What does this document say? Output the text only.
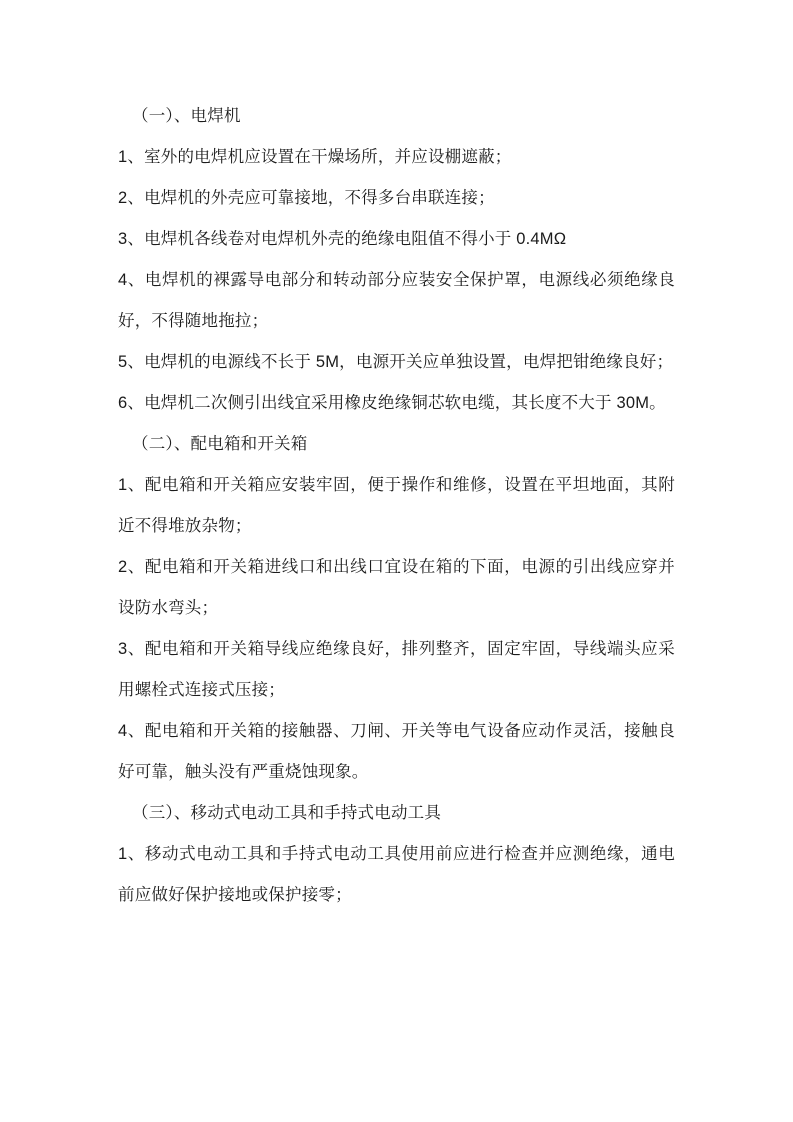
（一）、电焊机

1、室外的电焊机应设置在干燥场所，并应设棚遮蔽；

2、电焊机的外壳应可靠接地，不得多台串联连接；

3、电焊机各线卷对电焊机外壳的绝缘电阻值不得小于 0.4MΩ

4、电焊机的裸露导电部分和转动部分应装安全保护罩，电源线必须绝缘良好，不得随地拖拉；

5、电焊机的电源线不长于 5M，电源开关应单独设置，电焊把钳绝缘良好；

6、电焊机二次侧引出线宜采用橡皮绝缘铜芯软电缆，其长度不大于 30M。

（二）、配电箱和开关箱

1、配电箱和开关箱应安装牢固，便于操作和维修，设置在平坦地面，其附近不得堆放杂物；

2、配电箱和开关箱进线口和出线口宜设在箱的下面，电源的引出线应穿并设防水弯头；

3、配电箱和开关箱导线应绝缘良好，排列整齐，固定牢固，导线端头应采用螺栓式连接式压接；

4、配电箱和开关箱的接触器、刀闸、开关等电气设备应动作灵活，接触良好可靠，触头没有严重烧蚀现象。

（三）、移动式电动工具和手持式电动工具

1、移动式电动工具和手持式电动工具使用前应进行检查并应测绝缘，通电前应做好保护接地或保护接零；
